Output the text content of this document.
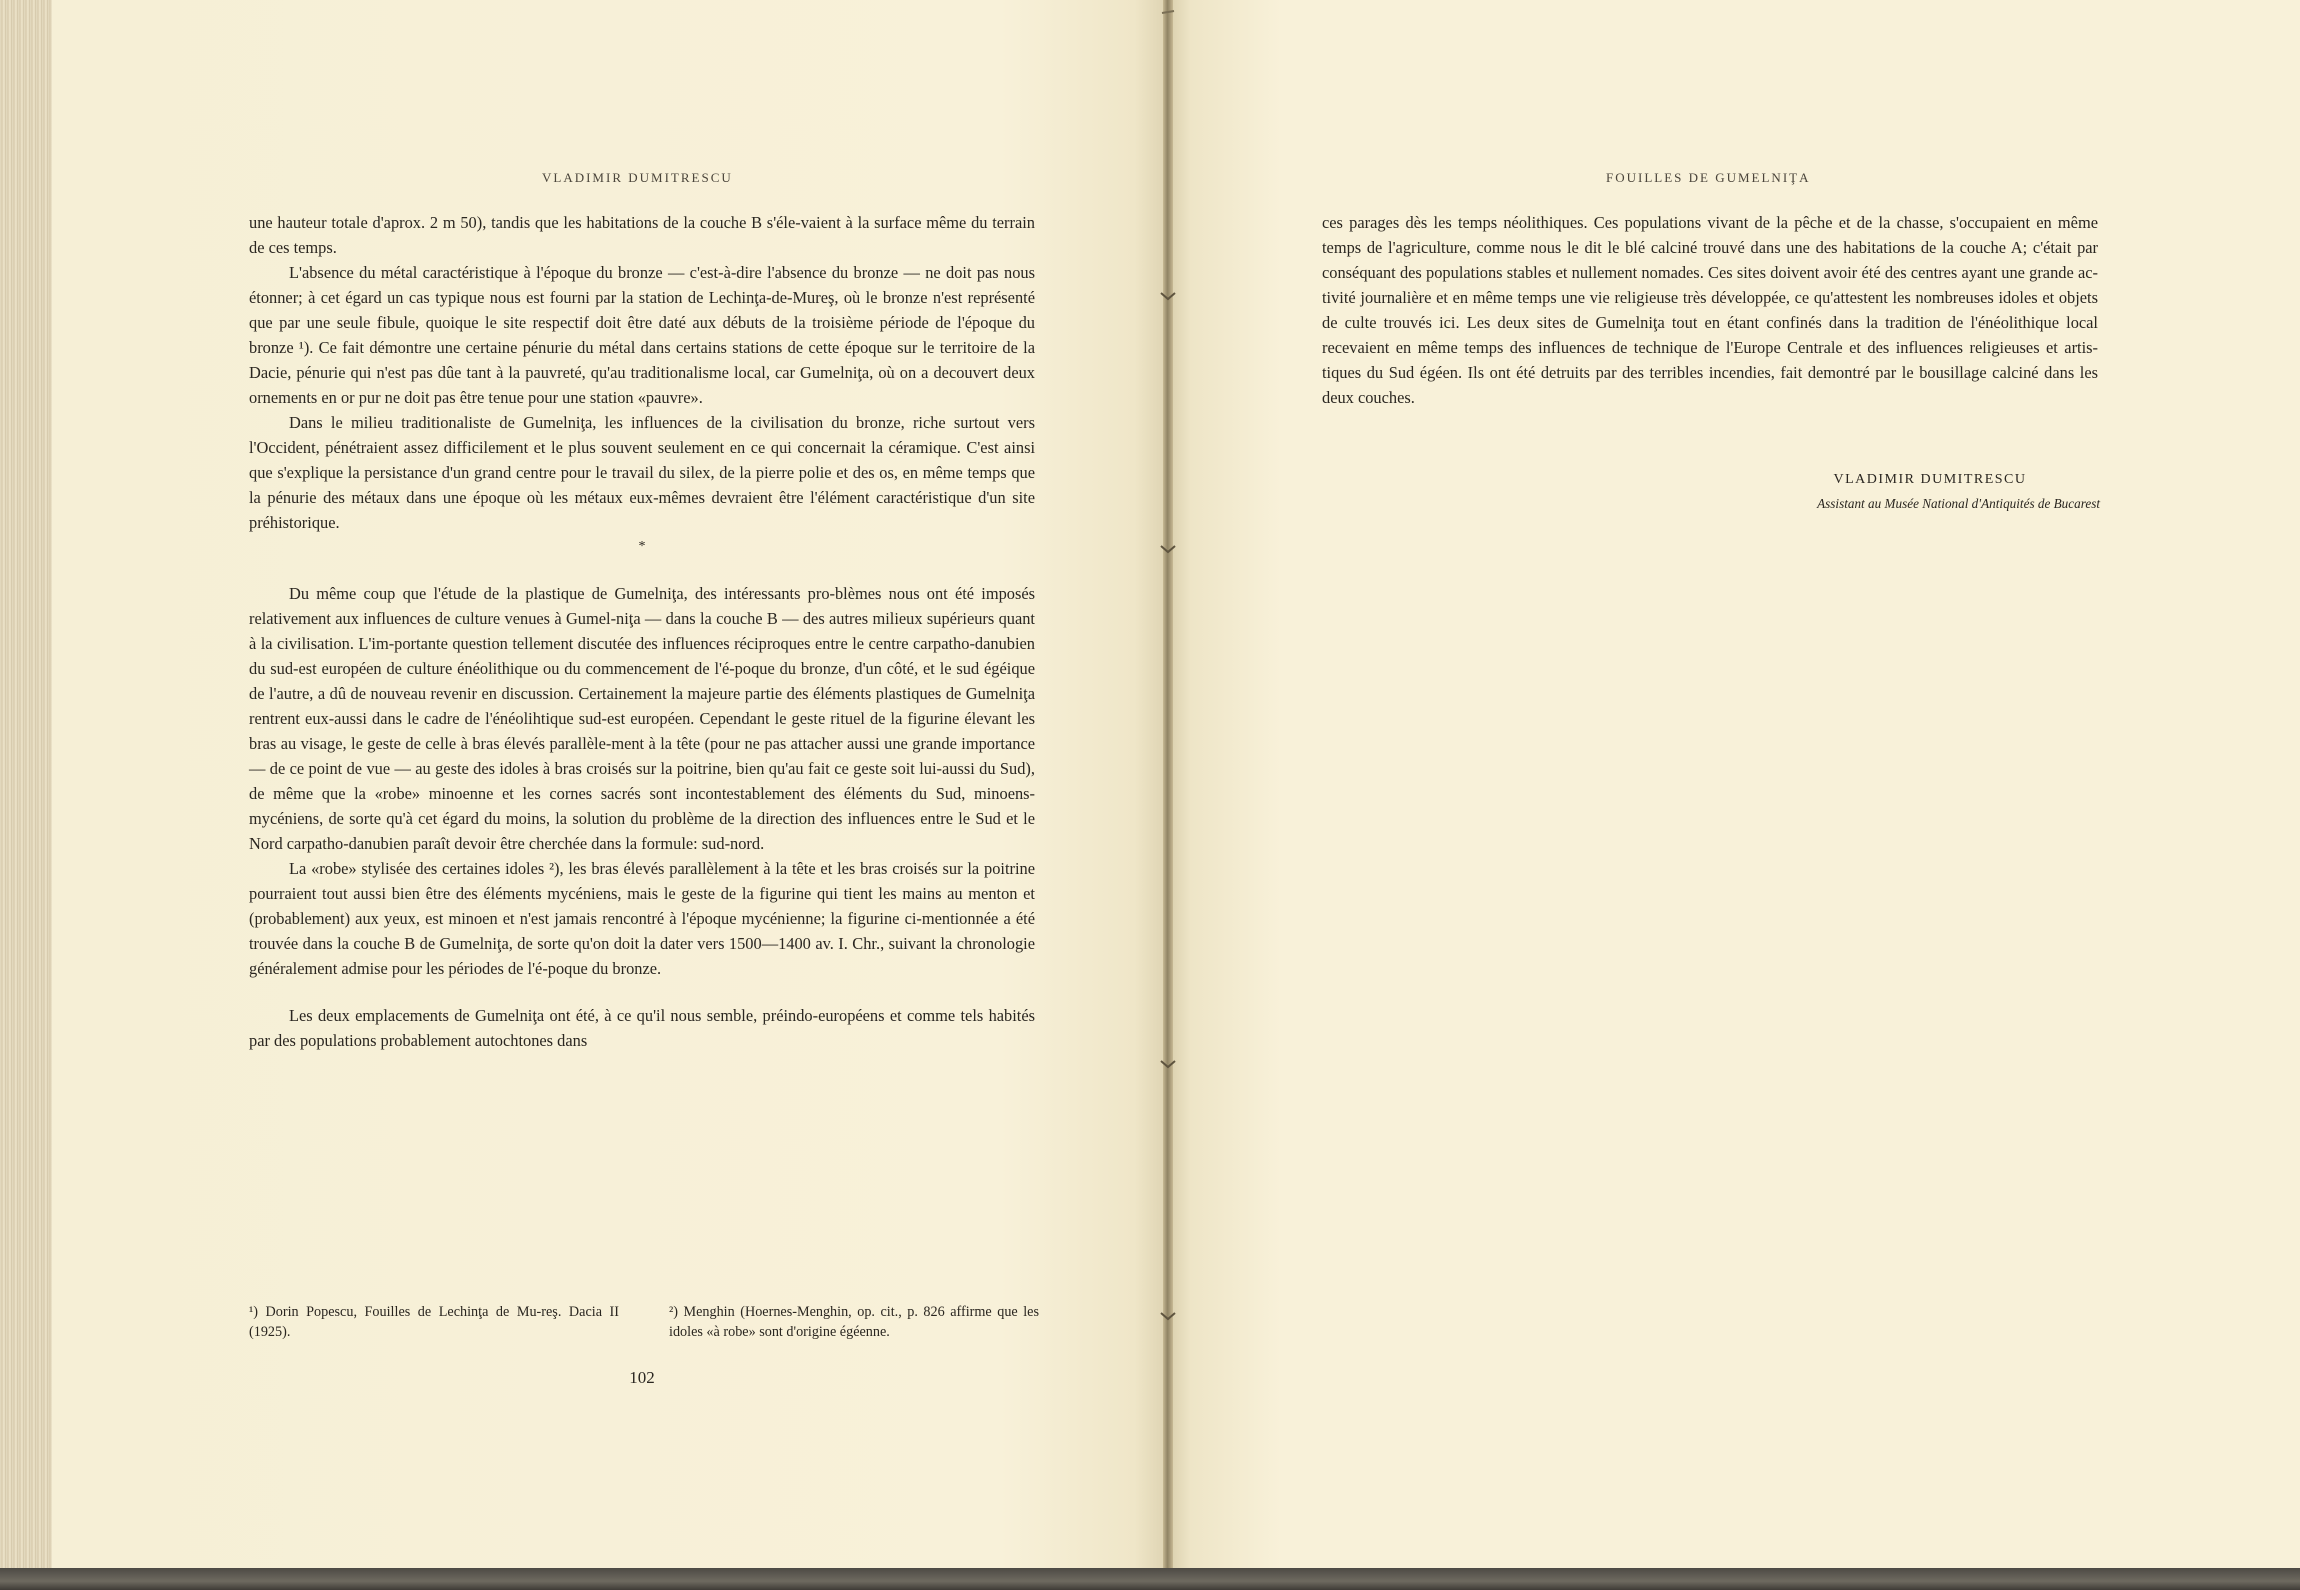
VLADIMIR DUMITRESCU

une hauteur totale d'aprox. 2 m 50), tandis que les habitations de la couche B s'éle-vaient à la surface même du terrain de ces temps.

L'absence du métal caractéristique à l'époque du bronze — c'est-à-dire l'absence du bronze — ne doit pas nous étonner; à cet égard un cas typique nous est fourni par la station de Lechinţa-de-Mureş, où le bronze n'est représenté que par une seule fibule, quoique le site respectif doit être daté aux débuts de la troisième période de l'époque du bronze ¹). Ce fait démontre une certaine pénurie du métal dans certains stations de cette époque sur le territoire de la Dacie, pénurie qui n'est pas dûe tant à la pauvreté, qu'au traditionalisme local, car Gumelniţa, où on a decouvert deux ornements en or pur ne doit pas être tenue pour une station «pauvre».

Dans le milieu traditionaliste de Gumelniţa, les influences de la civilisation du bronze, riche surtout vers l'Occident, pénétraient assez difficilement et le plus souvent seulement en ce qui concernait la céramique. C'est ainsi que s'explique la persistance d'un grand centre pour le travail du silex, de la pierre polie et des os, en même temps que la pénurie des métaux dans une époque où les métaux eux-mêmes devraient être l'élément caractéristique d'un site préhistorique.

*

Du même coup que l'étude de la plastique de Gumelniţa, des intéressants pro-blèmes nous ont été imposés relativement aux influences de culture venues à Gumel-niţa — dans la couche B — des autres milieux supérieurs quant à la civilisation. L'im-portante question tellement discutée des influences réciproques entre le centre carpatho-danubien du sud-est européen de culture énéolithique ou du commencement de l'é-poque du bronze, d'un côté, et le sud égéique de l'autre, a dû de nouveau revenir en discussion. Certainement la majeure partie des éléments plastiques de Gumelniţa rentrent eux-aussi dans le cadre de l'énéolihtique sud-est européen. Cependant le geste rituel de la figurine élevant les bras au visage, le geste de celle à bras élevés parallèle-ment à la tête (pour ne pas attacher aussi une grande importance — de ce point de vue — au geste des idoles à bras croisés sur la poitrine, bien qu'au fait ce geste soit lui-aussi du Sud), de même que la «robe» minoenne et les cornes sacrés sont incontestablement des éléments du Sud, minoens-mycéniens, de sorte qu'à cet égard du moins, la solution du problème de la direction des influences entre le Sud et le Nord carpatho-danubien paraît devoir être cherchée dans la formule: sud-nord.

La «robe» stylisée des certaines idoles ²), les bras élevés parallèlement à la tête et les bras croisés sur la poitrine pourraient tout aussi bien être des éléments mycéniens, mais le geste de la figurine qui tient les mains au menton et (probablement) aux yeux, est minoen et n'est jamais rencontré à l'époque mycénienne; la figurine ci-mentionnée a été trouvée dans la couche B de Gumelniţa, de sorte qu'on doit la dater vers 1500—1400 av. I. Chr., suivant la chronologie généralement admise pour les périodes de l'é-poque du bronze.

Les deux emplacements de Gumelniţa ont été, à ce qu'il nous semble, préindo-européens et comme tels habités par des populations probablement autochtones dans

¹) Dorin Popescu, Fouilles de Lechinţa de Mu-reş. Dacia II (1925).
²) Menghin (Hoernes-Menghin, op. cit., p. 826 affirme que les idoles «à robe» sont d'origine égéenne.
102
FOUILLES DE GUMELNIŢA

ces parages dès les temps néolithiques. Ces populations vivant de la pêche et de la chasse, s'occupaient en même temps de l'agriculture, comme nous le dit le blé calciné trouvé dans une des habitations de la couche A; c'était par conséquant des populations stables et nullement nomades. Ces sites doivent avoir été des centres ayant une grande ac-tivité journalière et en même temps une vie religieuse très développée, ce qu'attestent les nombreuses idoles et objets de culte trouvés ici. Les deux sites de Gumelniţa tout en étant confinés dans la tradition de l'énéolithique local recevaient en même temps des influences de technique de l'Europe Centrale et des influences religieuses et artis-tiques du Sud égéen. Ils ont été detruits par des terribles incendies, fait demontré par le bousillage calciné dans les deux couches.

VLADIMIR DUMITRESCU
Assistant au Musée National d'Antiquités de Bucarest
